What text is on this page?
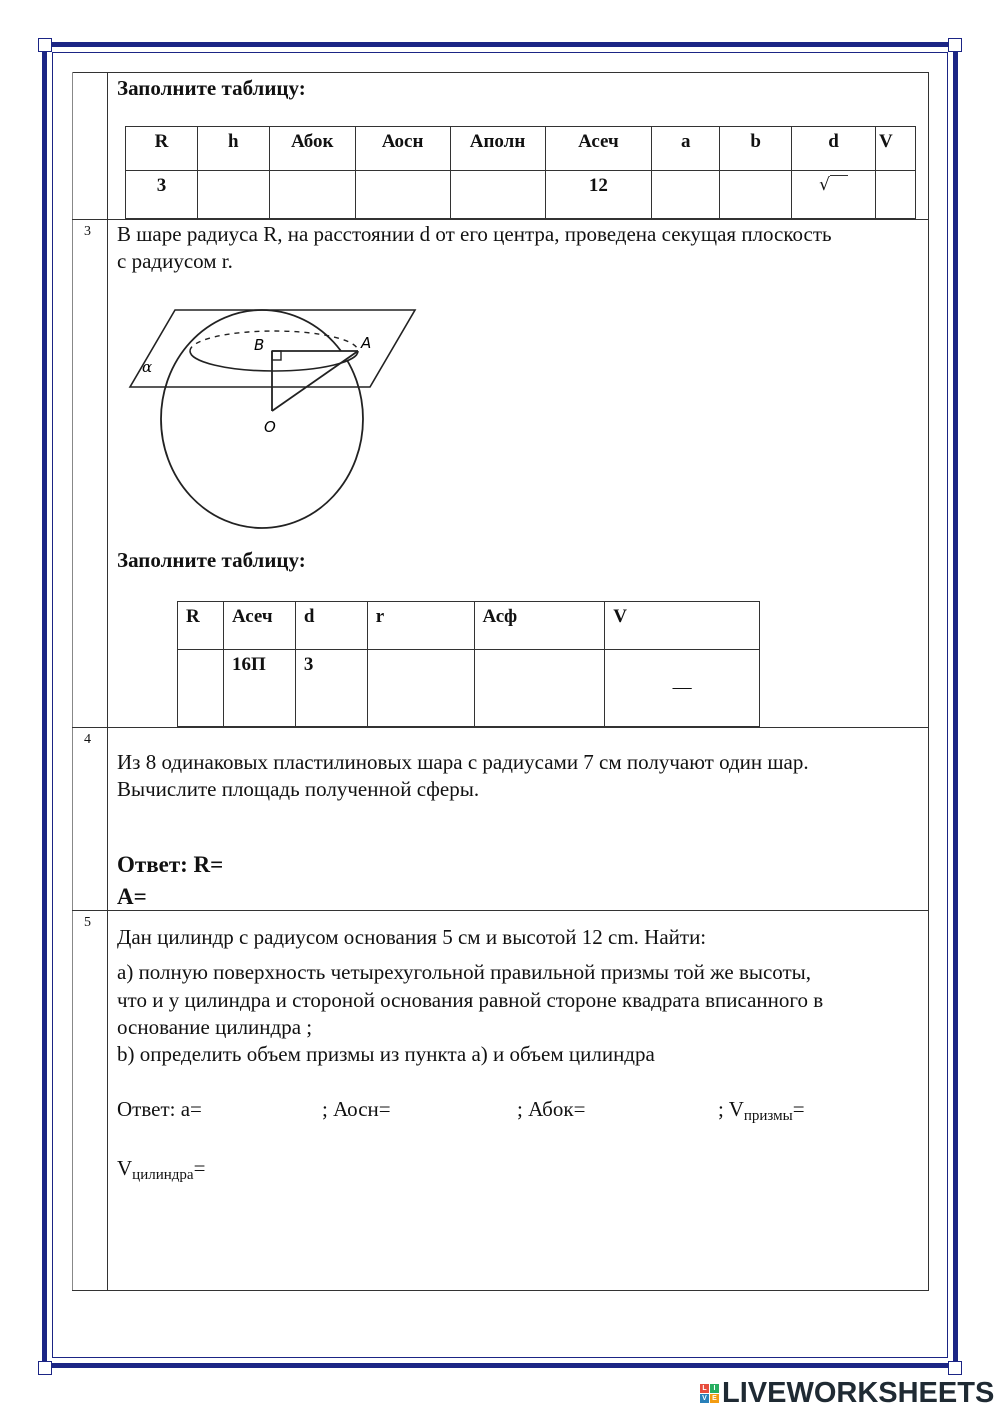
Заполните таблицу:
R	h	Абок	Аосн	Аполн	Асеч	a	b	d	V
3					12			√	
3 В шаре радиуса R, на расстоянии d от его центра, проведена секущая плоскость
с радиусом r.
α
B	A
O
Заполните таблицу:
R	Асеч	d	r	Асф	V
	16П	3			—
4
Из 8 одинаковых пластилиновых шара с радиусами 7 см получают один шар.
Вычислите площадь полученной сферы.
Ответ: R=
A=
5
Дан цилиндр с радиусом основания 5 см и высотой 12 cm. Найти:
a) полную поверхность четырехугольной правильной призмы той же высоты,
что и у цилиндра и стороной основания равной стороне квадрата вписанного в
основание цилиндра ;
b) определить объем призмы из пункта а) и объем цилиндра
Ответ: a=	; Аосн=	; Абок=	; $V_{призмы}=$
$V_{цилиндра}=$
L I
V E LIVEWORKSHEETS
